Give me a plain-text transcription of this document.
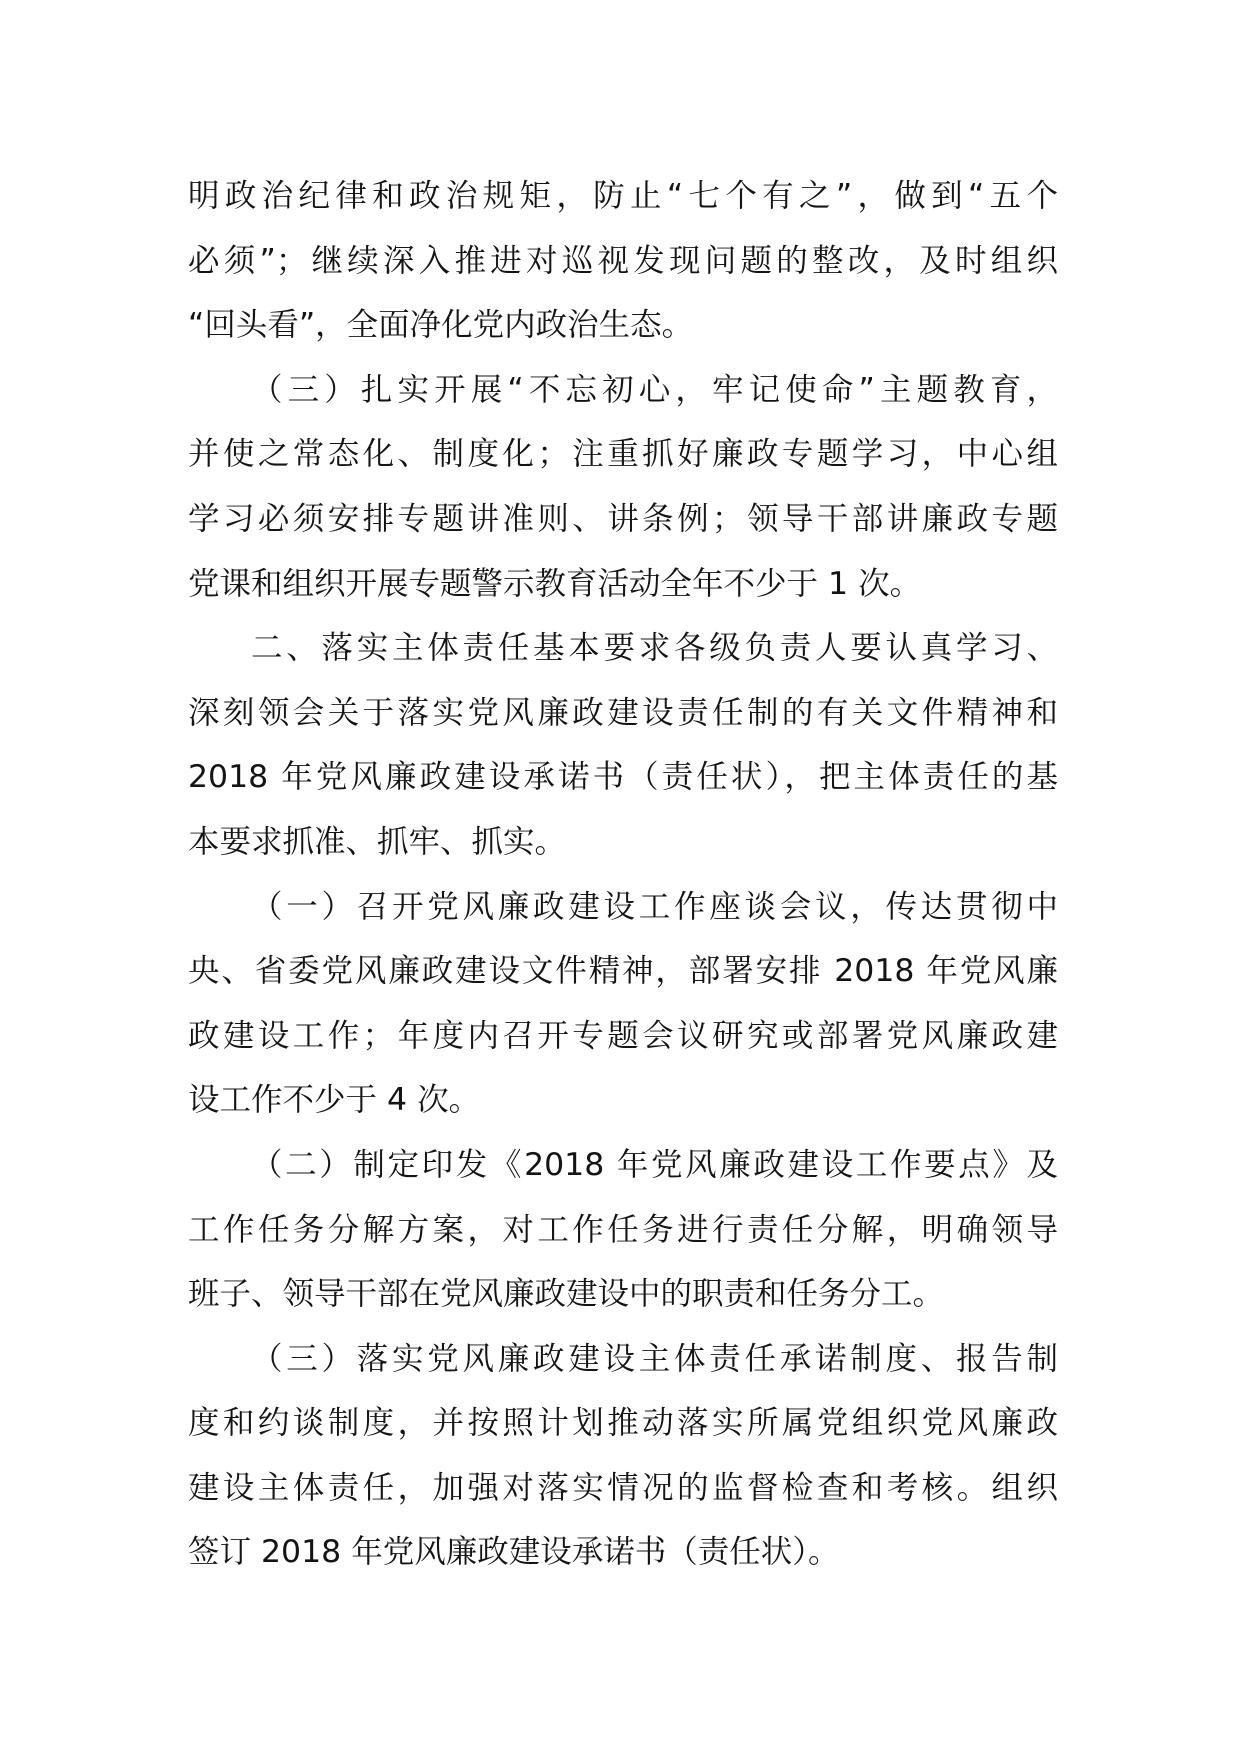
明政治纪律和政治规矩，防止“七个有之”，做到“五个
必须”；继续深入推进对巡视发现问题的整改，及时组织
“回头看”，全面净化党内政治生态。
（三）扎实开展“不忘初心，牢记使命”主题教育，
并使之常态化、制度化；注重抓好廉政专题学习，中心组
学习必须安排专题讲准则、讲条例；领导干部讲廉政专题
党课和组织开展专题警示教育活动全年不少于 1 次。
二、落实主体责任基本要求各级负责人要认真学习、
深刻领会关于落实党风廉政建设责任制的有关文件精神和
2018 年党风廉政建设承诺书（责任状），把主体责任的基
本要求抓准、抓牢、抓实。
（一）召开党风廉政建设工作座谈会议，传达贯彻中
央、省委党风廉政建设文件精神，部署安排 2018 年党风廉
政建设工作；年度内召开专题会议研究或部署党风廉政建
设工作不少于 4 次。
（二）制定印发《2018 年党风廉政建设工作要点》及
工作任务分解方案，对工作任务进行责任分解，明确领导
班子、领导干部在党风廉政建设中的职责和任务分工。
（三）落实党风廉政建设主体责任承诺制度、报告制
度和约谈制度，并按照计划推动落实所属党组织党风廉政
建设主体责任，加强对落实情况的监督检查和考核。组织
签订 2018 年党风廉政建设承诺书（责任状）。
